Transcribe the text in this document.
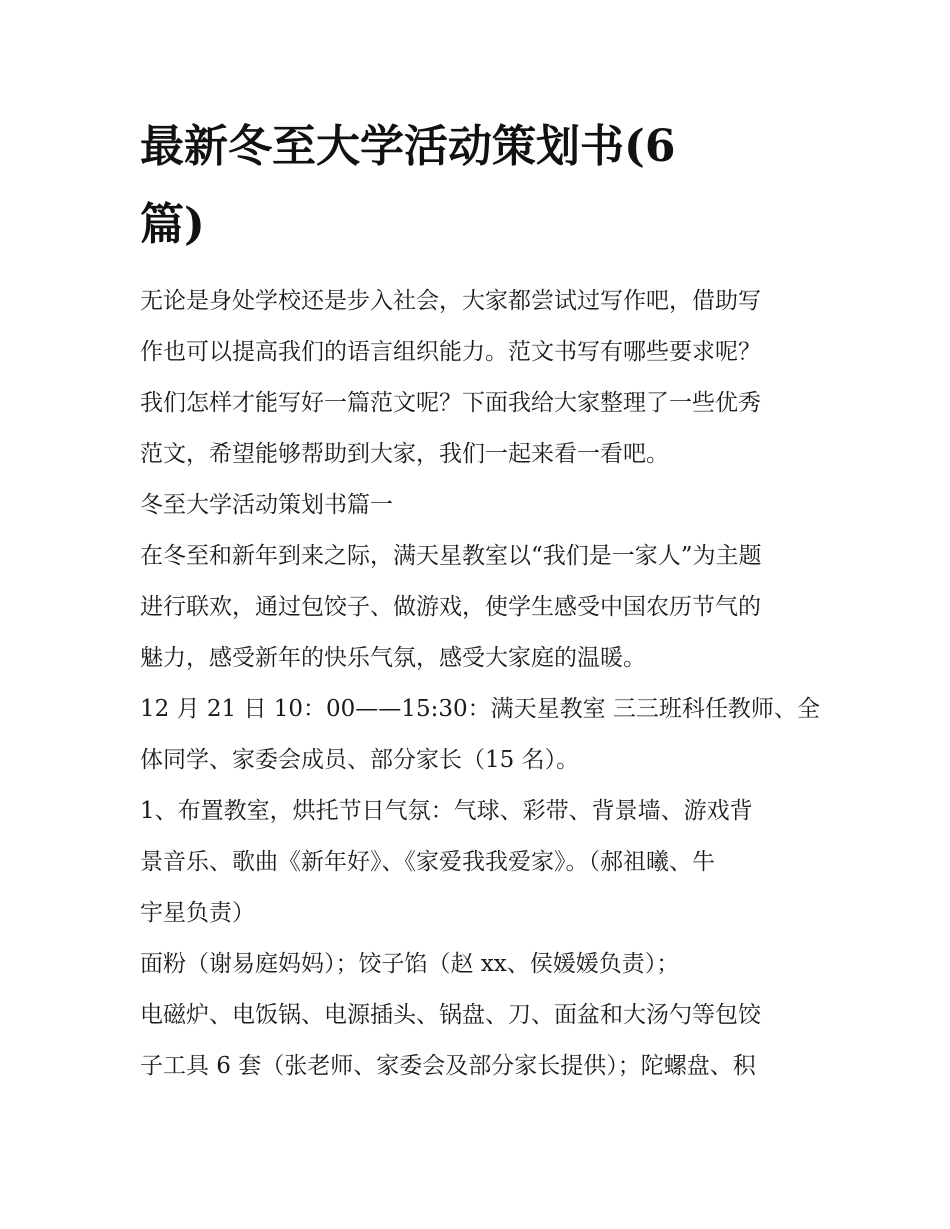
最新冬至大学活动策划书(6
篇)

无论是身处学校还是步入社会，大家都尝试过写作吧，借助写
作也可以提高我们的语言组织能力。范文书写有哪些要求呢？
我们怎样才能写好一篇范文呢？下面我给大家整理了一些优秀
范文，希望能够帮助到大家，我们一起来看一看吧。

冬至大学活动策划书篇一

在冬至和新年到来之际，满天星教室以“我们是一家人”为主题
进行联欢，通过包饺子、做游戏，使学生感受中国农历节气的
魅力，感受新年的快乐气氛，感受大家庭的温暖。

12 月 21 日 10：00——15:30：满天星教室 三三班科任教师、全
体同学、家委会成员、部分家长（15 名）。

1、布置教室，烘托节日气氛：气球、彩带、背景墙、游戏背
景音乐、歌曲《新年好》、《家爱我我爱家》。（郝祖曦、牛
宇星负责）

面粉（谢易庭妈妈）；饺子馅（赵 xx、侯媛媛负责）；

电磁炉、电饭锅、电源插头、锅盘、刀、面盆和大汤勺等包饺
子工具 6 套（张老师、家委会及部分家长提供）；陀螺盘、积
